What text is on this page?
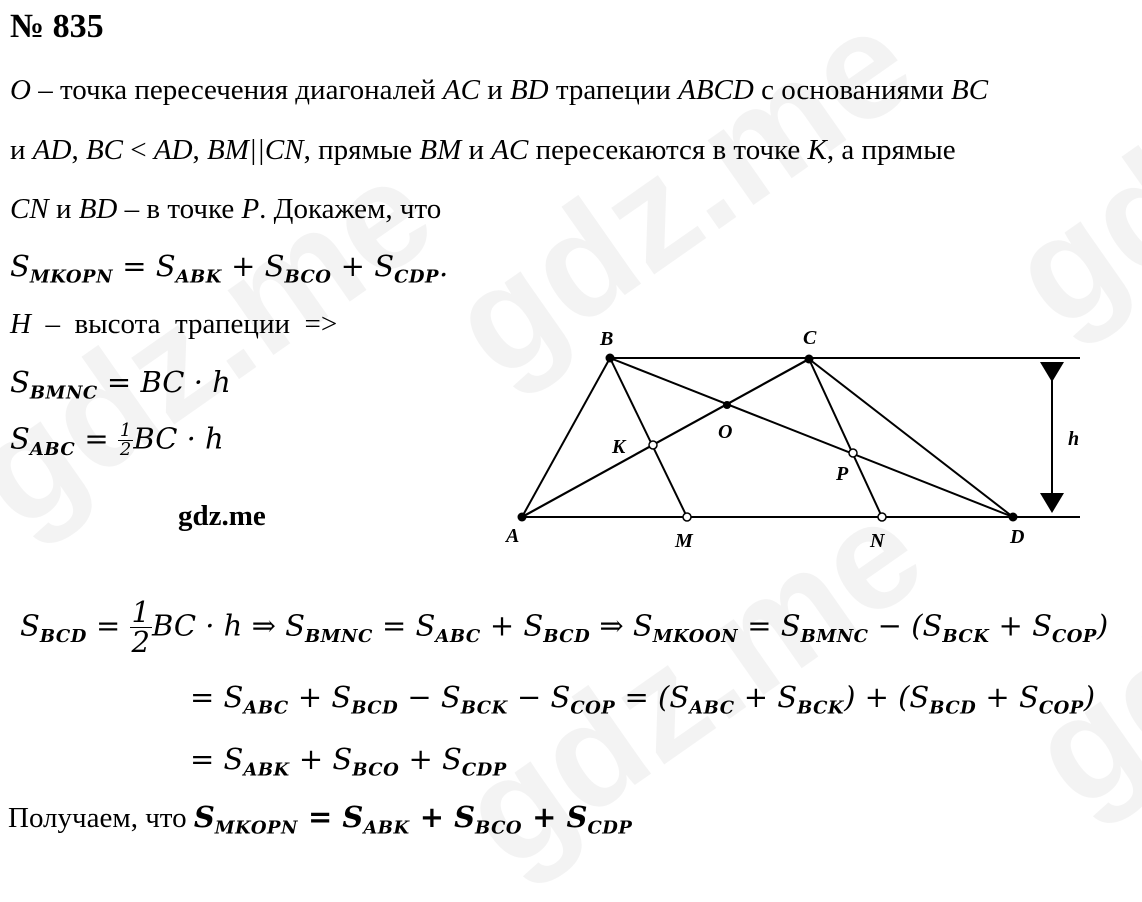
№ 835
O – точка пересечения диагоналей AC и BD трапеции ABCD с основаниями BC
и AD, BC < AD, BM||CN, прямые BM и AC пересекаются в точке K, а прямые
CN и BD – в точке P. Докажем, что
$S_{MKOPN} = S_{ABK} + S_{BCO} + S_{CDP}$.
H  –  высота  трапеции  =>
$S_{BMNC}$ = BC · h
$S_{ABC} = \frac{1}{2}$ BC · h
gdz.me
A
B	C
D
K
O
P
M	N
h
$S_{BCD} = \frac{1}{2}$ BC · h ⇒ $S_{BMNC} = S_{ABC} + S_{BCD}$ ⇒ $S_{MKOON} = S_{BMNC} - (S_{BCK} + S_{COP})$
= $S_{ABC} + S_{BCD} - S_{BCK} - S_{COP} = (S_{ABC} + S_{BCK}) + (S_{BCD} + S_{COP})$
= $S_{ABK} + S_{BCO} + S_{CDP}$
Получаем, что $S_{MKOPN} = S_{ABK} + S_{BCO} + S_{CDP}$
